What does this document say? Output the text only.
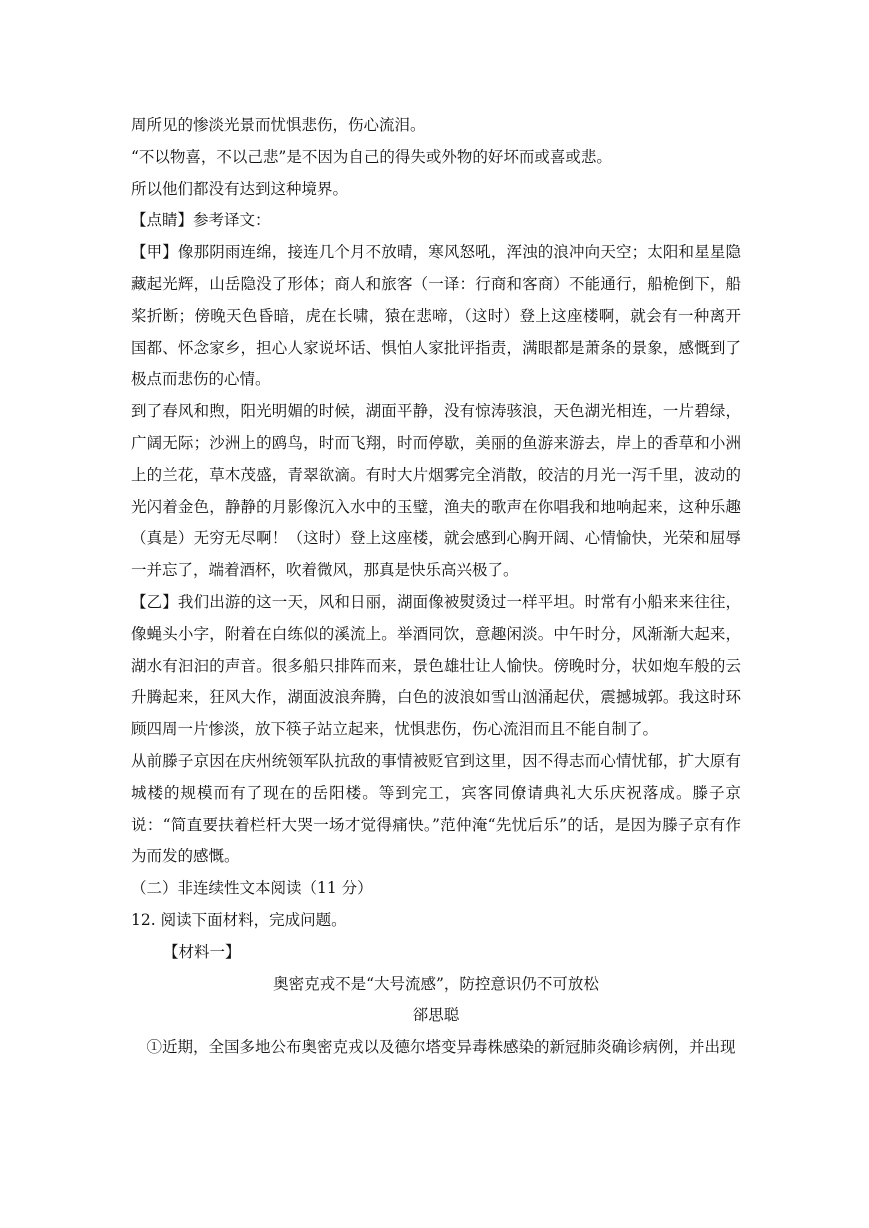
周所见的惨淡光景而忧惧悲伤，伤心流泪。

“不以物喜，不以己悲”是不因为自己的得失或外物的好坏而或喜或悲。

所以他们都没有达到这种境界。

【点睛】参考译文：

【甲】像那阴雨连绵，接连几个月不放晴，寒风怒吼，浑浊的浪冲向天空；太阳和星星隐藏起光辉，山岳隐没了形体；商人和旅客（一译：行商和客商）不能通行，船桅倒下，船桨折断；傍晚天色昏暗，虎在长啸，猿在悲啼，（这时）登上这座楼啊，就会有一种离开国都、怀念家乡，担心人家说坏话、惧怕人家批评指责，满眼都是萧条的景象，感慨到了极点而悲伤的心情。

到了春风和煦，阳光明媚的时候，湖面平静，没有惊涛骇浪，天色湖光相连，一片碧绿，广阔无际；沙洲上的鸥鸟，时而飞翔，时而停歇，美丽的鱼游来游去，岸上的香草和小洲上的兰花，草木茂盛，青翠欲滴。有时大片烟雾完全消散，皎洁的月光一泻千里，波动的光闪着金色，静静的月影像沉入水中的玉璧，渔夫的歌声在你唱我和地响起来，这种乐趣（真是）无穷无尽啊！（这时）登上这座楼，就会感到心胸开阔、心情愉快，光荣和屈辱一并忘了，端着酒杯，吹着微风，那真是快乐高兴极了。

【乙】我们出游的这一天，风和日丽，湖面像被熨烫过一样平坦。时常有小船来来往往，像蝇头小字，附着在白练似的溪流上。举酒同饮，意趣闲淡。中午时分，风渐渐大起来，湖水有汩汩的声音。很多船只排阵而来，景色雄壮让人愉快。傍晚时分，状如炮车般的云升腾起来，狂风大作，湖面波浪奔腾，白色的波浪如雪山汹涌起伏，震撼城郭。我这时环顾四周一片惨淡，放下筷子站立起来，忧惧悲伤，伤心流泪而且不能自制了。

从前滕子京因在庆州统领军队抗敌的事情被贬官到这里，因不得志而心情忧郁，扩大原有城楼的规模而有了现在的岳阳楼。等到完工，宾客同僚请典礼大乐庆祝落成。滕子京说：“简直要扶着栏杆大哭一场才觉得痛快。”范仲淹“先忧后乐”的话，是因为滕子京有作为而发的感慨。

（二）非连续性文本阅读（11 分）

12. 阅读下面材料，完成问题。

【材料一】

奥密克戎不是“大号流感”，防控意识仍不可放松

郤思聪

①近期，全国多地公布奥密克戎以及德尔塔变异毒株感染的新冠肺炎确诊病例，并出现
